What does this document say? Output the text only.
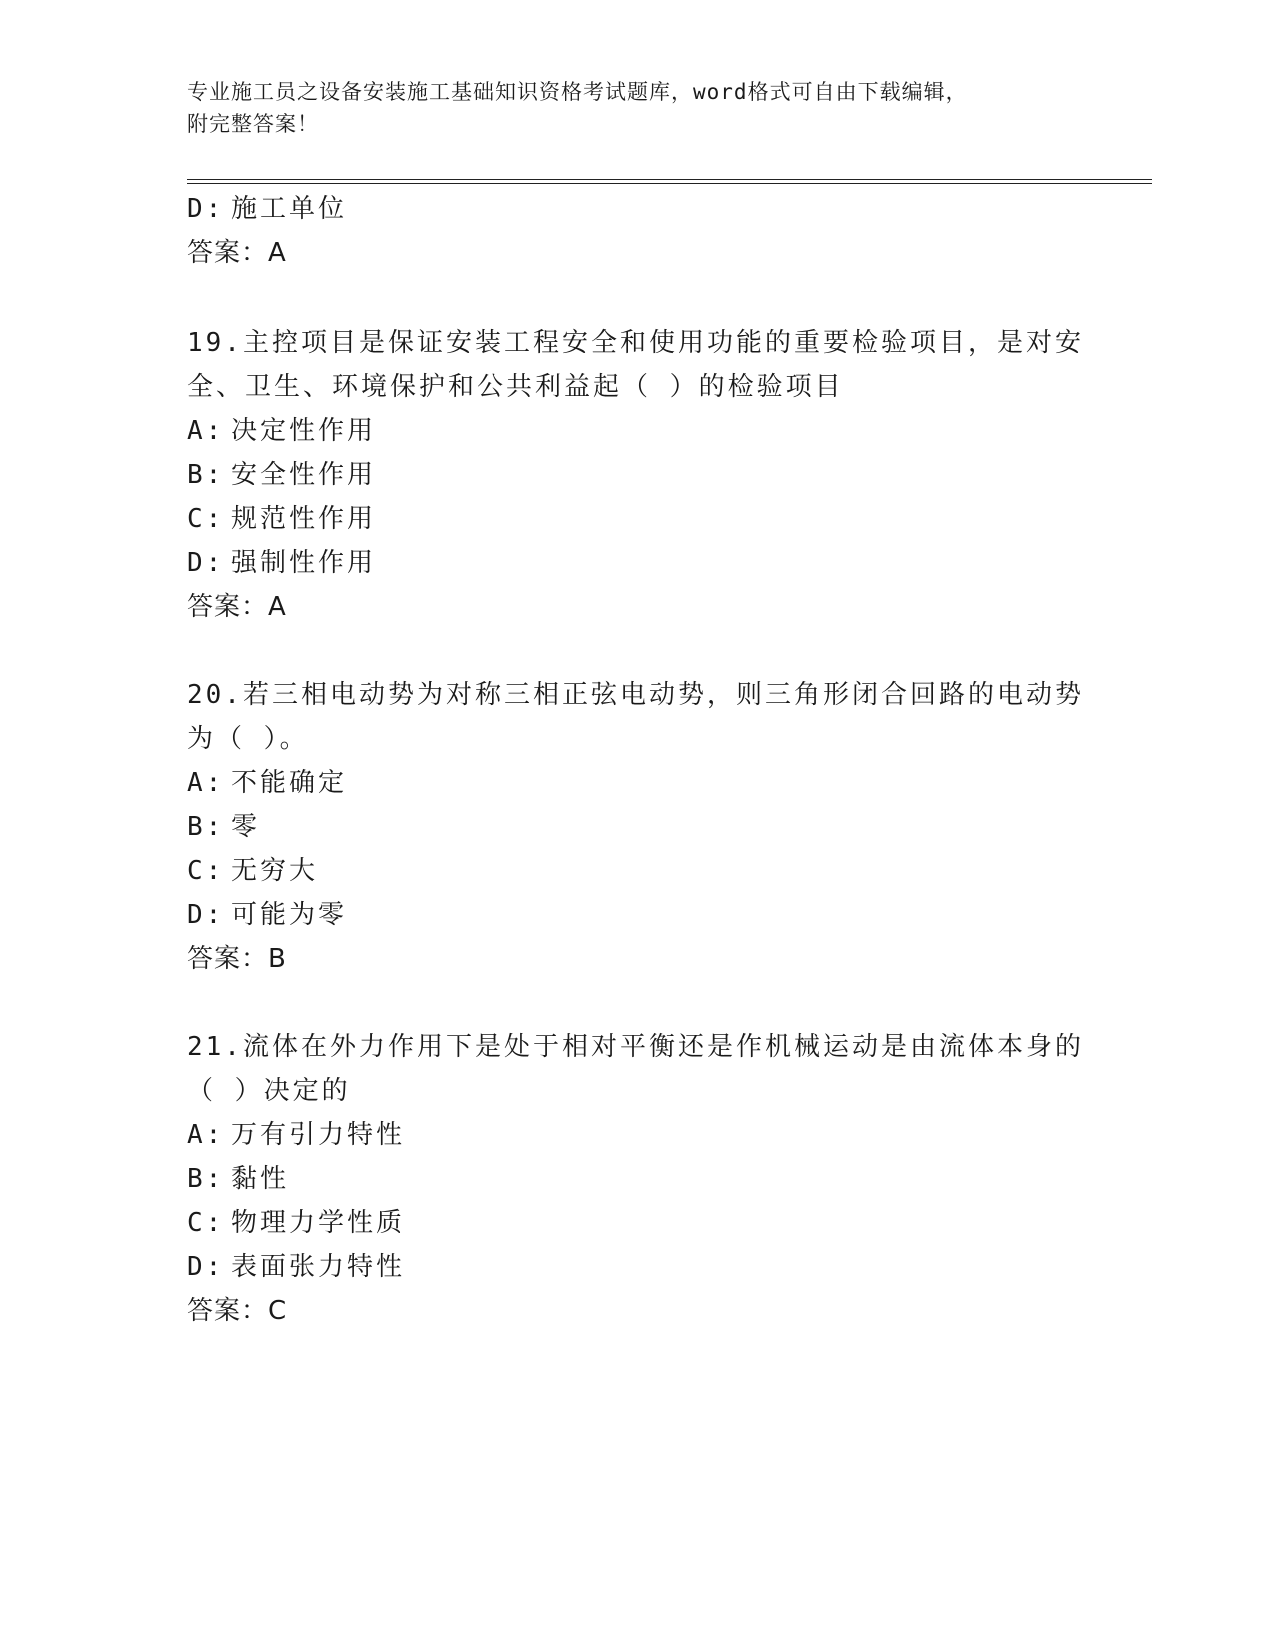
专业施工员之设备安装施工基础知识资格考试题库，word格式可自由下载编辑，
附完整答案！
D: 施工单位
答案：A
19.主控项目是保证安装工程安全和使用功能的重要检验项目，是对安
全、卫生、环境保护和公共利益起（ ）的检验项目
A: 决定性作用
B: 安全性作用
C: 规范性作用
D: 强制性作用
答案：A
20.若三相电动势为对称三相正弦电动势，则三角形闭合回路的电动势
为（ ）。
A: 不能确定
B: 零
C: 无穷大
D: 可能为零
答案：B
21.流体在外力作用下是处于相对平衡还是作机械运动是由流体本身的
（ ）决定的
A: 万有引力特性
B: 黏性
C: 物理力学性质
D: 表面张力特性
答案：C
